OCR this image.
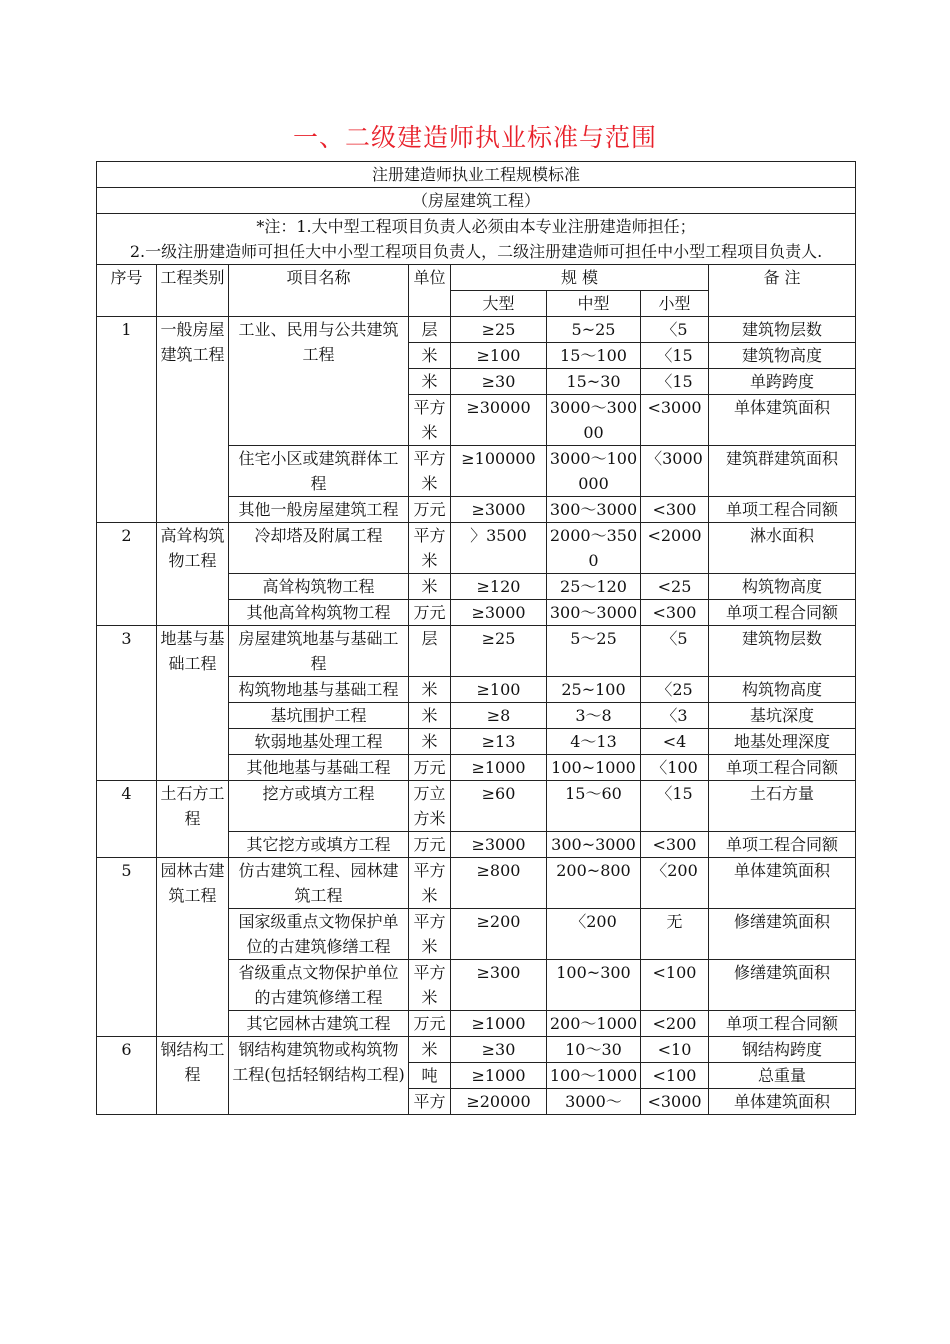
一、二级建造师执业标准与范围
注册建造师执业工程规模标准							
（房屋建筑工程）							
*注：1.大中型工程项目负责人必须由本专业注册建造师担任；							
2.一级注册建造师可担任大中小型工程项目负责人，二级注册建造师可担任中小型工程项目负责人.							
序号	工程类别	项目名称	单位	规 模			备 注
				大型	中型	小型	
1	一般房屋建筑工程	工业、民用与公共建筑工程	层	≥25	5~25	〈5	建筑物层数
			米	≥100	15～100	〈15	建筑物高度
			米	≥30	15~30	〈15	单跨跨度
			平方米	≥30000	3000～30000	<3000	单体建筑面积
		住宅小区或建筑群体工程	平方米	≥100000	3000～100000	〈3000	建筑群建筑面积
		其他一般房屋建筑工程	万元	≥3000	300～3000	<300	单项工程合同额
2	高耸构筑物工程	冷却塔及附属工程	平方米	〉3500	2000～3500	<2000	淋水面积
		高耸构筑物工程	米	≥120	25～120	<25	构筑物高度
		其他高耸构筑物工程	万元	≥3000	300～3000	<300	单项工程合同额
3	地基与基础工程	房屋建筑地基与基础工程	层	≥25	5～25	〈5	建筑物层数
		构筑物地基与基础工程	米	≥100	25~100	〈25	构筑物高度
		基坑围护工程	米	≥8	3～8	〈3	基坑深度
		软弱地基处理工程	米	≥13	4～13	<4	地基处理深度
		其他地基与基础工程	万元	≥1000	100~1000	〈100	单项工程合同额
4	土石方工程	挖方或填方工程	万立方米	≥60	15～60	〈15	土石方量
		其它挖方或填方工程	万元	≥3000	300~3000	<300	单项工程合同额
5	园林古建筑工程	仿古建筑工程、园林建筑工程	平方米	≥800	200~800	〈200	单体建筑面积
		国家级重点文物保护单位的古建筑修缮工程	平方米	≥200	〈200	无	修缮建筑面积
		省级重点文物保护单位的古建筑修缮工程	平方米	≥300	100~300	<100	修缮建筑面积
		其它园林古建筑工程	万元	≥1000	200～1000	<200	单项工程合同额
6	钢结构工程	钢结构建筑物或构筑物工程(包括轻钢结构工程)	米	≥30	10～30	<10	钢结构跨度
			吨	≥1000	100～1000	<100	总重量
			平方	≥20000	3000～	<3000	单体建筑面积
